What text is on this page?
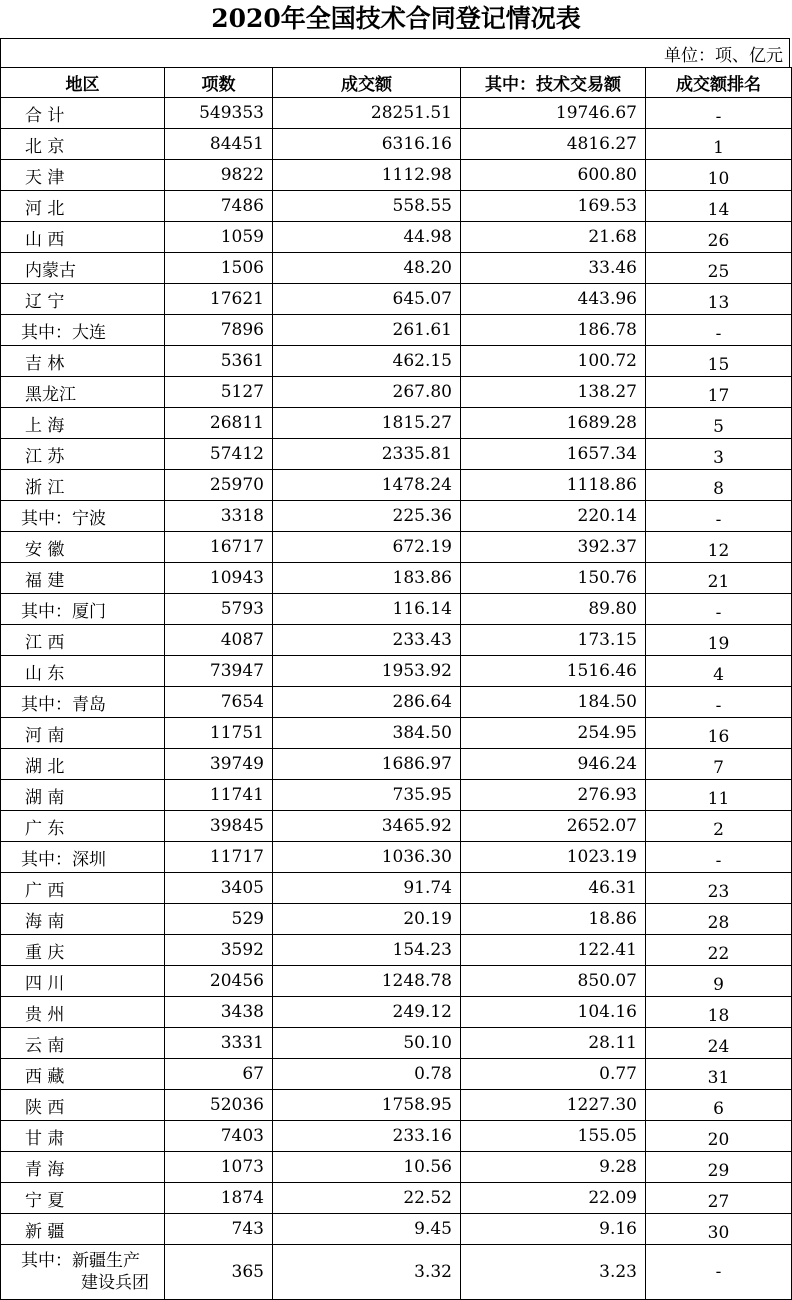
2020年全国技术合同登记情况表
单位：项、亿元
地区	项数	成交额	其中：技术交易额	成交额排名
合 计	549353	28251.51	19746.67	-
北 京	84451	6316.16	4816.27	1
天 津	9822	1112.98	600.80	10
河 北	7486	558.55	169.53	14
山 西	1059	44.98	21.68	26
内蒙古	1506	48.20	33.46	25
辽 宁	17621	645.07	443.96	13
其中：大连	7896	261.61	186.78	-
吉 林	5361	462.15	100.72	15
黑龙江	5127	267.80	138.27	17
上 海	26811	1815.27	1689.28	5
江 苏	57412	2335.81	1657.34	3
浙 江	25970	1478.24	1118.86	8
其中：宁波	3318	225.36	220.14	-
安 徽	16717	672.19	392.37	12
福 建	10943	183.86	150.76	21
其中：厦门	5793	116.14	89.80	-
江 西	4087	233.43	173.15	19
山 东	73947	1953.92	1516.46	4
其中：青岛	7654	286.64	184.50	-
河 南	11751	384.50	254.95	16
湖 北	39749	1686.97	946.24	7
湖 南	11741	735.95	276.93	11
广 东	39845	3465.92	2652.07	2
其中：深圳	11717	1036.30	1023.19	-
广 西	3405	91.74	46.31	23
海 南	529	20.19	18.86	28
重 庆	3592	154.23	122.41	22
四 川	20456	1248.78	850.07	9
贵 州	3438	249.12	104.16	18
云 南	3331	50.10	28.11	24
西 藏	67	0.78	0.77	31
陕 西	52036	1758.95	1227.30	6
甘 肃	7403	233.16	155.05	20
青 海	1073	10.56	9.28	29
宁 夏	1874	22.52	22.09	27
新 疆	743	9.45	9.16	30

其中：新疆生产
建设兵团	365	3.32	3.23	-
